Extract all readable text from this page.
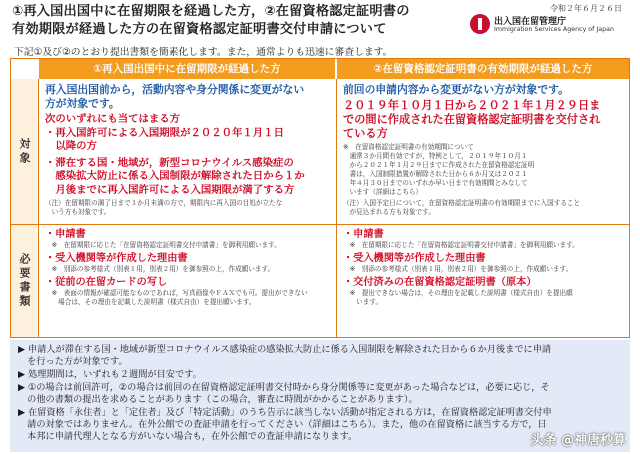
①再入国出国中に在留期限を経過した方，②在留資格認定証明書の
有効期限が経過した方の在留資格認定証明書交付申請について
令和２年６月２６日
出入国在留管理庁
Immigration Services Agency of Japan
下記①及び②のとおり提出書類を簡素化します。また，通常よりも迅速に審査します。
①再入国出国中に在留期限が経過した方	②在留資格認定証明書の有効期限が経過した方
対象
必要書類
再入国出国前から，活動内容や身分関係に変更がない
方が対象です。
次のいずれにも当てはまる方
・再入国許可による入国期限が２０２０年１月１日
　以降の方
・滞在する国・地域が，新型コロナウイルス感染症の
　感染拡大防止に係る入国制限が解除された日から１か
　月後までに再入国許可による入国期限が満了する方
（注）在留期限の満了日まで１か月未満の方で，期限内に再入国の目処が立たな
　いう方も対象です。
前回の申請内容から変更がない方が対象です。
２０１９年１０月１日から２０２１年１月２９日ま
での間に作成された在留資格認定証明書を交付され
ている方
※　在留資格認定証明書の有効期間について
　通常３か月間有効ですが，特例として，２０１９年１０月１
　から２０２１年１月２９日までに作成された在留資格認定証明
　書は，入国制限措置が解除された日から６か月又は２０２１
　年４月３０日までのいずれか早い日まで有効期間とみなして
　います（詳細はこちら）
（注）入国予定日について，在留資格認定証明書の有効期限までに入国すること
　が見込まれる方も対象です。
・申請書
　※　在留期限に応じた「在留資格認定証明書交付申請書」を御利用願います。
・受入機関等が作成した理由書
　※　別添の参考様式（別表１用，別表２用）を御参照の上，作成願います。
・従前の在留カードの写し
　※　表面の情報が確認可能なものであれば，写真画像やＦＡＸでも可。提出ができない
　　場合は，その理由を記載した説明書（様式自由）を提出願います。
・申請書
　※　在留期限に応じた「在留資格認定証明書交付申請書」を御利用願います。
・受入機関等が作成した理由書
　※　別添の参考様式（別表１用，別表２用）を御参照の上，作成願います。
・交付済みの在留資格認定証明書（原本）
　※　提出できない場合は，その理由を記載した説明書（様式自由）を提出願
　　います。
▶ 申請人が滞在する国・地域が新型コロナウイルス感染症の感染拡大防止に係る入国制限を解除された日から６か月後までに申請
　を行った方が対象です。
▶ 処理期間は，いずれも２週間が目安です。
▶ ①の場合は前回許可，②の場合は前回の在留資格認定証明書交付時から身分関係等に変更があった場合などは，必要に応じ，そ
　の他の書類の提出を求めることがあります（この場合，審査に時間がかかることがあります）。
▶ 在留資格「永住者」と「定住者」及び「特定活動」のうち告示に該当しない活動が指定される方は，在留資格認定証明書交付申
　請の対象ではありません。在外公館での査証申請を行ってください（詳細はこちら）。また，他の在留資格に該当する方で，日
　本邦に申請代理人となる方がいない場合も，在外公館での査証申請になります。	头条 @神唐秒算
